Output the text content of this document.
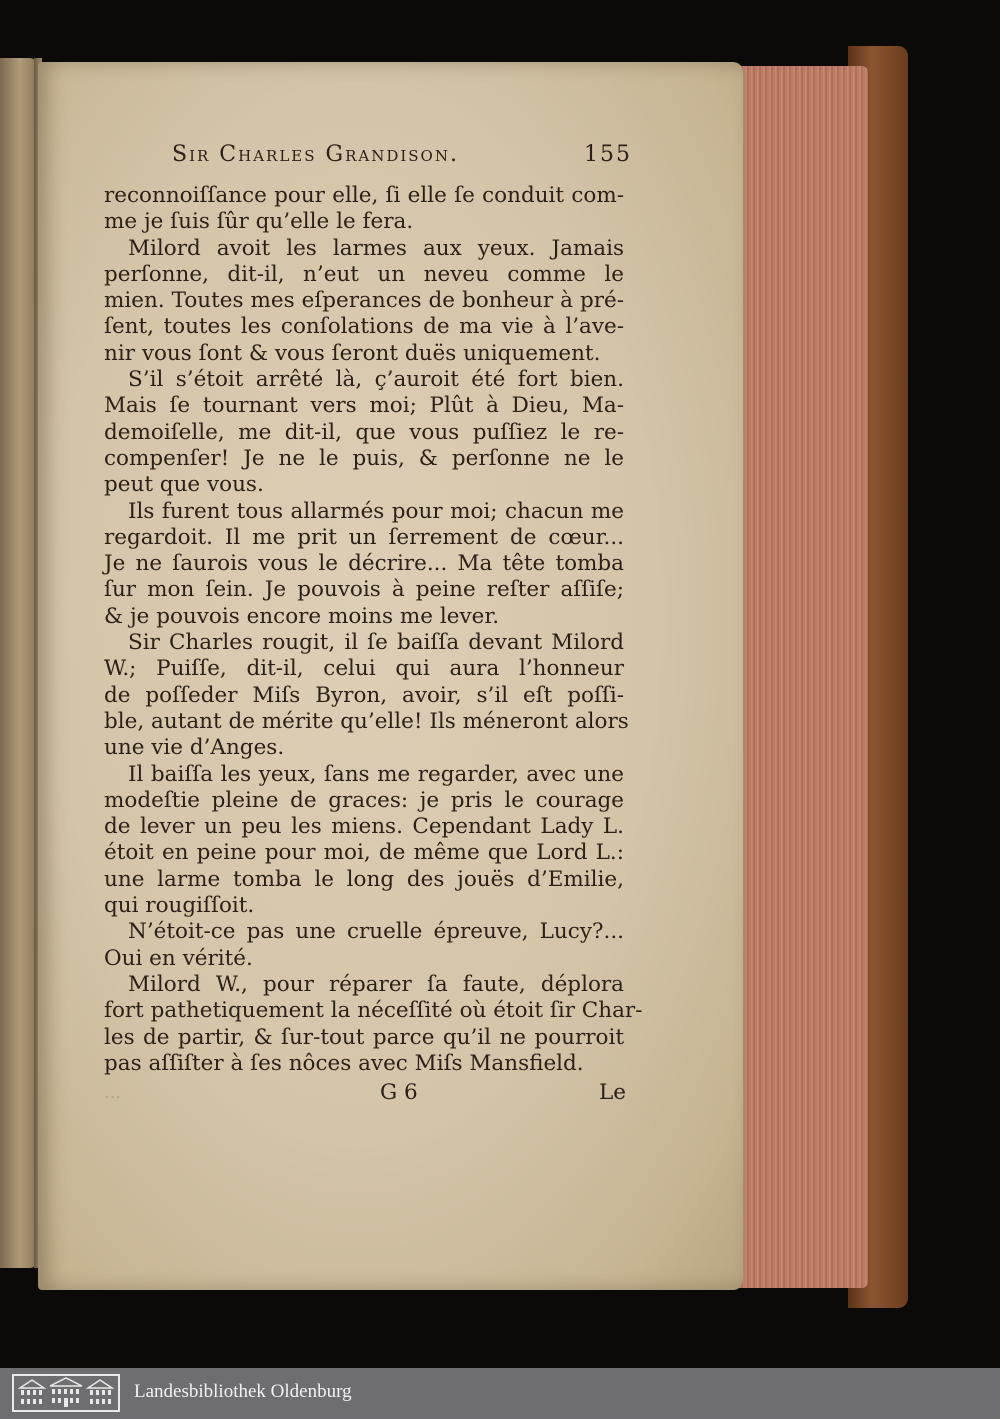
Sir Charles Grandison.	155
reconnoiſſance pour elle, ſi elle ſe conduit com-
me je ſuis ſûr qu’elle le fera.
Milord avoit les larmes aux yeux. Jamais
perſonne, dit-il, n’eut un neveu comme le
mien. Toutes mes eſperances de bonheur à pré-
ſent, toutes les conſolations de ma vie à l’ave-
nir vous ſont & vous ſeront duës uniquement.
S’il s’étoit arrêté là, ç’auroit été fort bien.
Mais ſe tournant vers moi; Plût à Dieu, Ma-
demoiſelle, me dit-il, que vous puſſiez le re-
compenſer! Je ne le puis, & perſonne ne le
peut que vous.
Ils furent tous allarmés pour moi; chacun me
regardoit. Il me prit un ſerrement de cœur...
Je ne ſaurois vous le décrire... Ma tête tomba
ſur mon ſein. Je pouvois à peine reſter aſſiſe;
& je pouvois encore moins me lever.
Sir Charles rougit, il ſe baiſſa devant Milord
W.; Puiſſe, dit-il, celui qui aura l’honneur
de poſſeder Miſs Byron, avoir, s’il eſt poſſi-
ble, autant de mérite qu’elle! Ils méneront alors
une vie d’Anges.
Il baiſſa les yeux, ſans me regarder, avec une
modeſtie pleine de graces: je pris le courage
de lever un peu les miens. Cependant Lady L.
étoit en peine pour moi, de même que Lord L.:
une larme tomba le long des jouës d’Emilie,
qui rougiſſoit.
N’étoit-ce pas une cruelle épreuve, Lucy?...
Oui en vérité.
Milord W., pour réparer ſa faute, déplora
fort pathetiquement la néceſſité où étoit ſir Char-
les de partir, & ſur-tout parce qu’il ne pourroit
pas aſſiſter à ſes nôces avec Miſs Mansfield.
...	G 6	Le
Landesbibliothek Oldenburg
